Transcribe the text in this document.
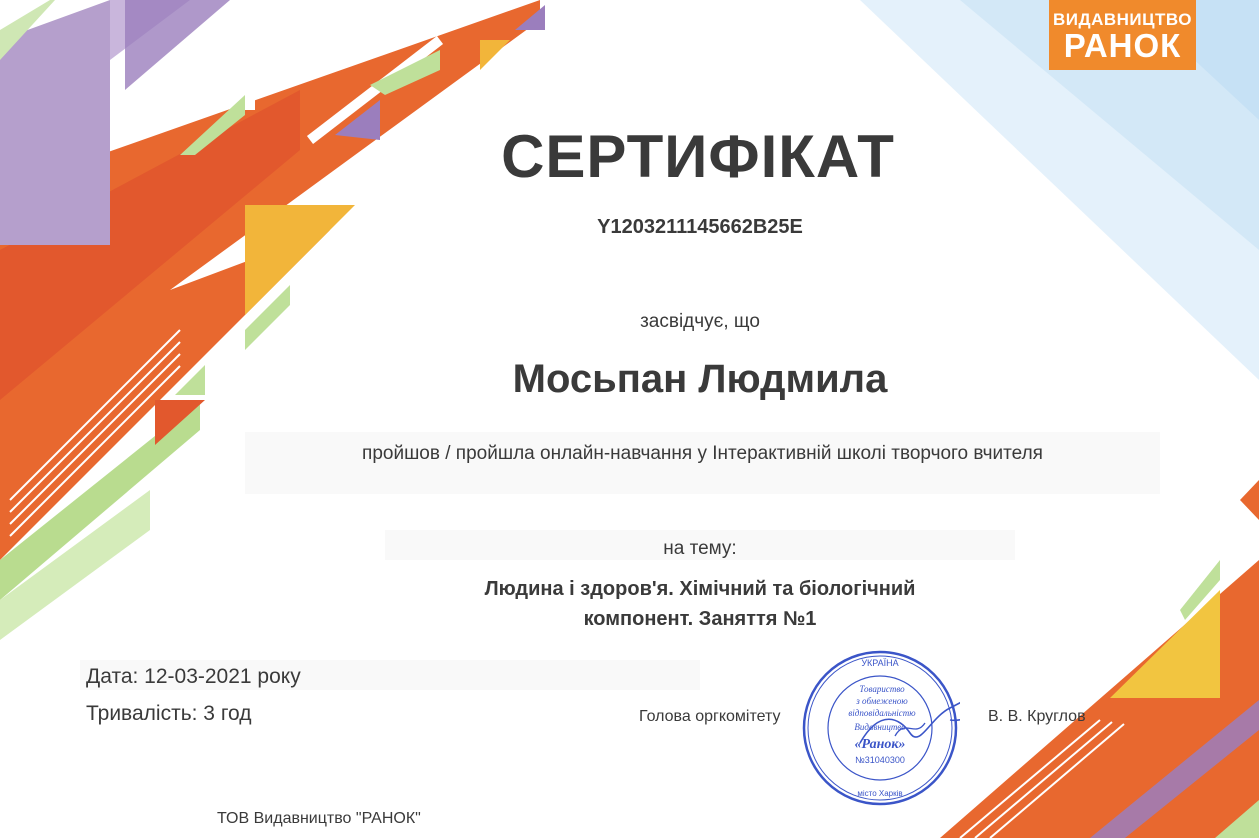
ВИДАВНИЦТВО
РАНОК
СЕРТИФІКАТ
Y1203211145662B25E
засвідчує, що
Мосьпан Людмила
пройшов / пройшла онлайн-навчання у Інтерактивній школі творчого вчителя
на тему:
Людина і здоров'я. Хімічний та біологічний
компонент. Заняття №1
Дата: 12-03-2021 року
Тривалість: 3 год	Голова оргкомітету	В. В. Круглов
ТОВ Видавництво "РАНОК"
УКРАЇНА
Товариство
з обмеженою
відповідальністю
Видавництво
«Ранок»
№31040300
місто Харків
